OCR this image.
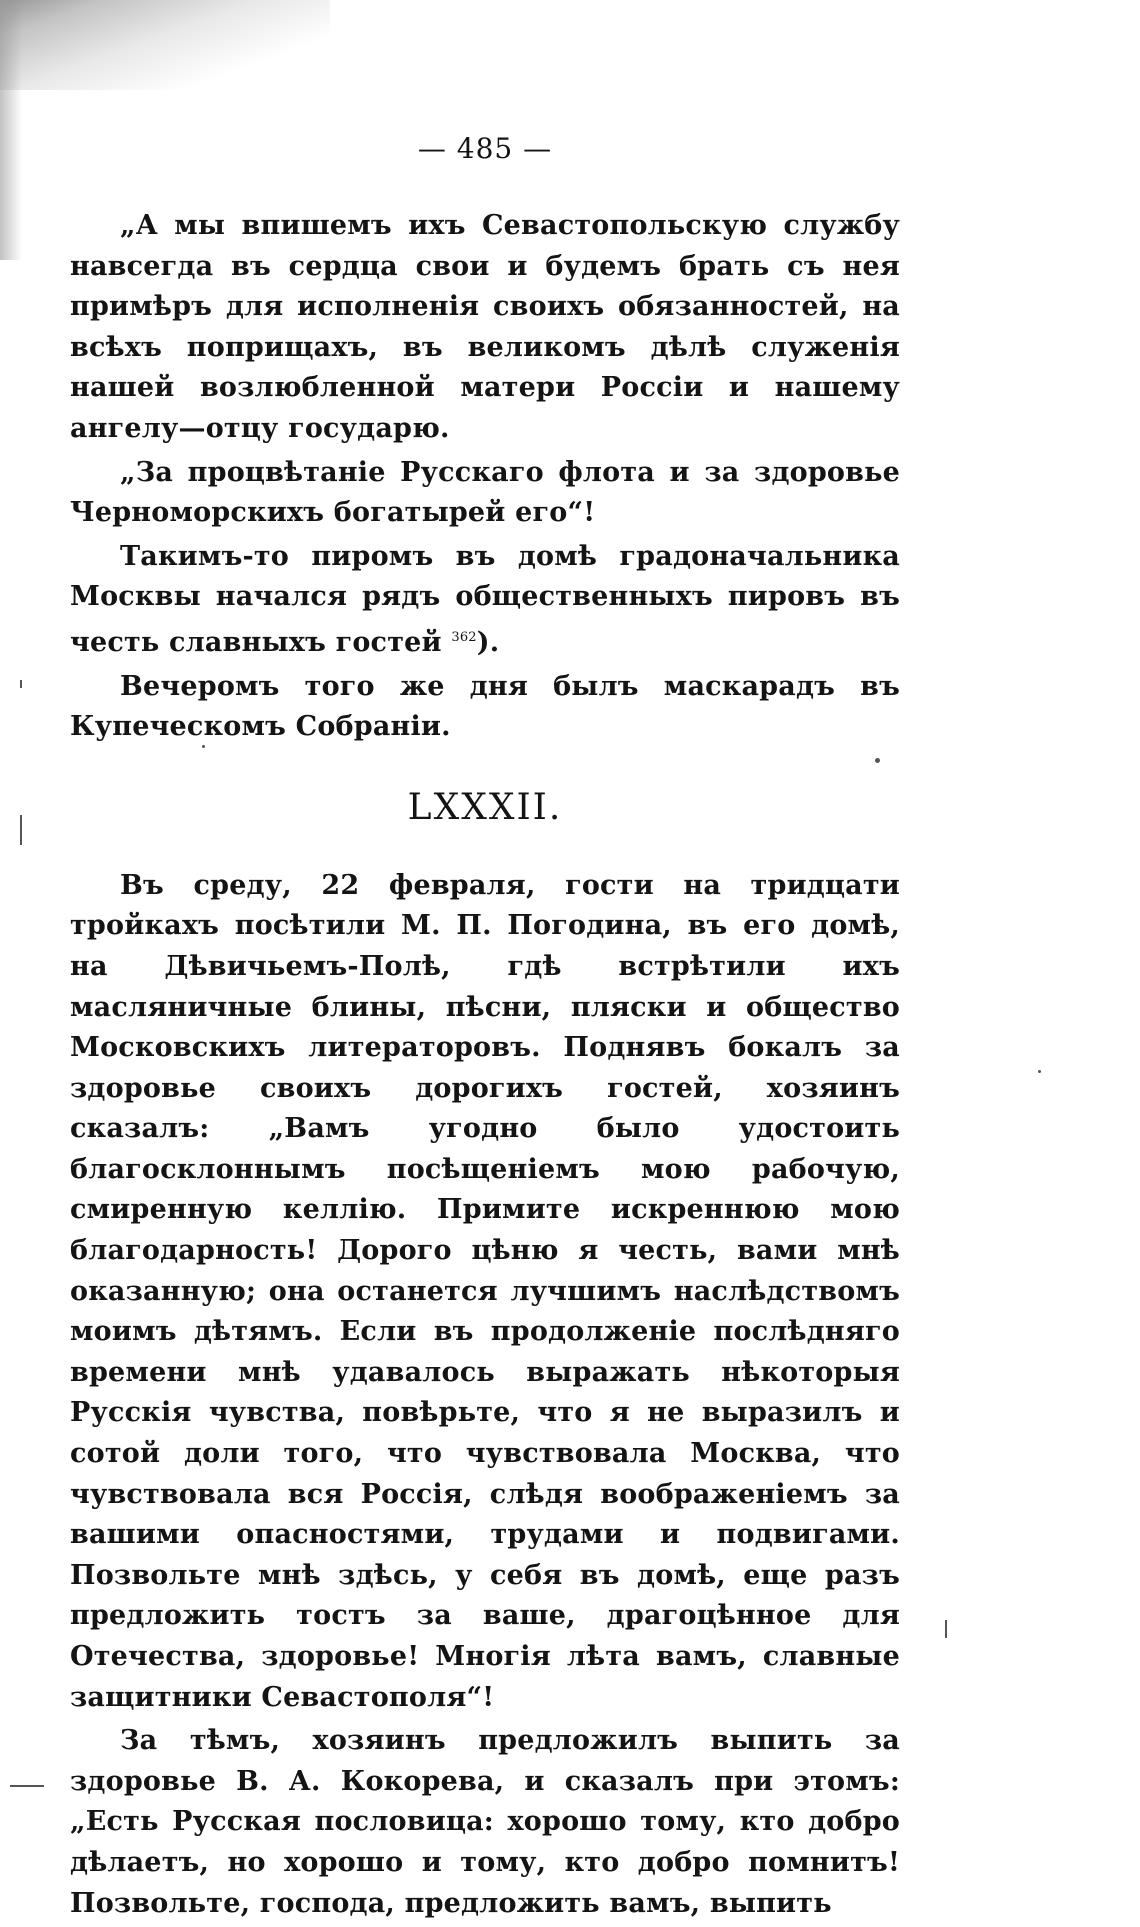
— 485 —

„А мы впишемъ ихъ Севастопольскую службу навсегда въ сердца свои и будемъ брать съ нея примѣръ для исполненія своихъ обязанностей, на всѣхъ поприщахъ, въ великомъ дѣлѣ служенія нашей возлюбленной матери Россіи и нашему ангелу—отцу государю.

„За процвѣтаніе Русскаго флота и за здоровье Черноморскихъ богатырей его“!

Такимъ-то пиромъ въ домѣ градоначальника Москвы начался рядъ общественныхъ пировъ въ честь славныхъ гостей $^{362}$).

Вечеромъ того же дня былъ маскарадъ въ Купеческомъ Собраніи.

LXXXII.

Въ среду, 22 февраля, гости на тридцати тройкахъ посѣтили М. П. Погодина, въ его домѣ, на Дѣвичьемъ-Полѣ, гдѣ встрѣтили ихъ масляничные блины, пѣсни, пляски и общество Московскихъ литераторовъ. Поднявъ бокалъ за здоровье своихъ дорогихъ гостей, хозяинъ сказалъ: „Вамъ угодно было удостоить благосклоннымъ посѣщеніемъ мою рабочую, смиренную келлію. Примите искреннюю мою благодарность! Дорого цѣню я честь, вами мнѣ оказанную; она останется лучшимъ наслѣдствомъ моимъ дѣтямъ. Если въ продолженіе послѣдняго времени мнѣ удавалось выражать нѣкоторыя Русскія чувства, повѣрьте, что я не выразилъ и сотой доли того, что чувствовала Москва, что чувствовала вся Россія, слѣдя воображеніемъ за вашими опасностями, трудами и подвигами. Позвольте мнѣ здѣсь, у себя въ домѣ, еще разъ предложить тостъ за ваше, драгоцѣнное для Отечества, здоровье! Многія лѣта вамъ, славные защитники Севастополя“!

За тѣмъ, хозяинъ предложилъ выпить за здоровье В. А. Кокорева, и сказалъ при этомъ: „Есть Русская пословица: хорошо тому, кто добро дѣлаетъ, но хорошо и тому, кто добро помнитъ! Позвольте, господа, предложить вамъ, выпить
